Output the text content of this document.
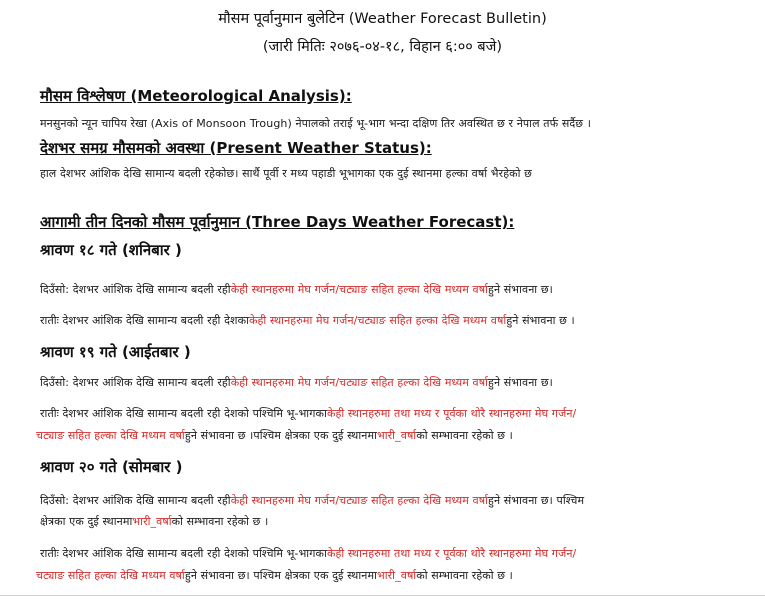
मौसम पूर्वानुमान बुलेटिन (Weather Forecast Bulletin)
(जारी मितिः २०७६-०४-१८, विहान ६:०० बजे)
मौसम विश्लेषण (Meteorological Analysis):
मनसुनको न्यून चापिय रेखा (Axis of Monsoon Trough) नेपालको तराई भू-भाग भन्दा दक्षिण तिर अवस्थित छ र नेपाल तर्फ सर्दैछ ।
देशभर समग्र मौसमको अवस्था (Present Weather Status):
हाल देशभर आंशिक देखि सामान्य बदली रहेकोछ। सार्थै पूर्वी र मध्य पहाडी भूभागका एक दुई स्थानमा हल्का वर्षा भैरहेको छ
आगामी तीन दिनको मौसम पूर्वानुमान (Three Days Weather Forecast):
श्रावण १८ गते (शनिबार )
दिउँसो: देशभर आंशिक देखि सामान्य बदली रहीकेही स्थानहरुमा मेघ गर्जन/चट्याङ सहित हल्का देखि मध्यम वर्षाहुने संभावना छ।
रातीः देशभर आंशिक देखि सामान्य बदली रही देशकाकेही स्थानहरुमा मेघ गर्जन/चट्याङ सहित हल्का देखि मध्यम वर्षाहुने संभावना छ ।
श्रावण १९ गते (आईतबार )
दिउँसो: देशभर आंशिक देखि सामान्य बदली रहीकेही स्थानहरुमा मेघ गर्जन/चट्याङ सहित हल्का देखि मध्यम वर्षाहुने संभावना छ।
रातीः देशभर आंशिक देखि सामान्य बदली रही देशको पश्चिमि भू-भागकाकेही स्थानहरुमा तथा मध्य र पूर्वका थोरै स्थानहरुमा मेघ गर्जन/
चट्याङ सहित हल्का देखि मध्यम वर्षाहुने संभावना छ ।पश्चिम क्षेत्रका एक दुई स्थानमाभारी_वर्षाको सम्भावना रहेको छ ।
श्रावण २० गते (सोमबार )
दिउँसो: देशभर आंशिक देखि सामान्य बदली रहीकेही स्थानहरुमा मेघ गर्जन/चट्याङ सहित हल्का देखि मध्यम वर्षाहुने संभावना छ। पश्चिम
क्षेत्रका एक दुई स्थानमाभारी_वर्षाको सम्भावना रहेको छ ।
रातीः देशभर आंशिक देखि सामान्य बदली रही देशको पश्चिमि भू-भागकाकेही स्थानहरुमा तथा मध्य र पूर्वका थोरै स्थानहरुमा मेघ गर्जन/
चट्याङ सहित हल्का देखि मध्यम वर्षाहुने संभावना छ। पश्चिम क्षेत्रका एक दुई स्थानमाभारी_वर्षाको सम्भावना रहेको छ ।
